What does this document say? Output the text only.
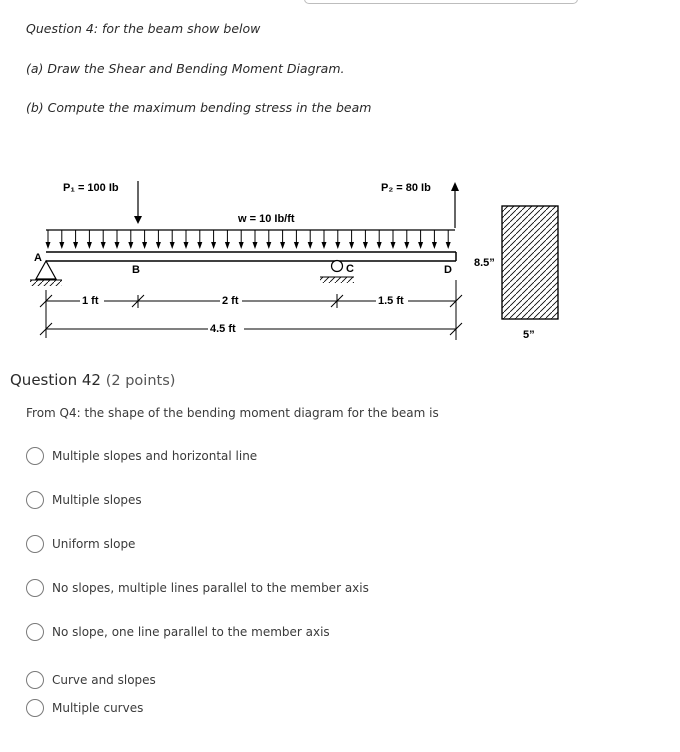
Question 4: for the beam show below
(a) Draw the Shear and Bending Moment Diagram.
(b) Compute the maximum bending stress in the beam
P₁ = 100 Ib	P₂ = 80 Ib
w = 10 Ib/ft
A
B	C	D
1 ft	2 ft	1.5 ft
4.5 ft
8.5”
5”
Question 42 (2 points)
From Q4: the shape of the bending moment diagram for the beam is
Multiple slopes and horizontal line
Multiple slopes
Uniform slope
No slopes, multiple lines parallel to the member axis
No slope, one line parallel to the member axis
Curve and slopes
Multiple curves
